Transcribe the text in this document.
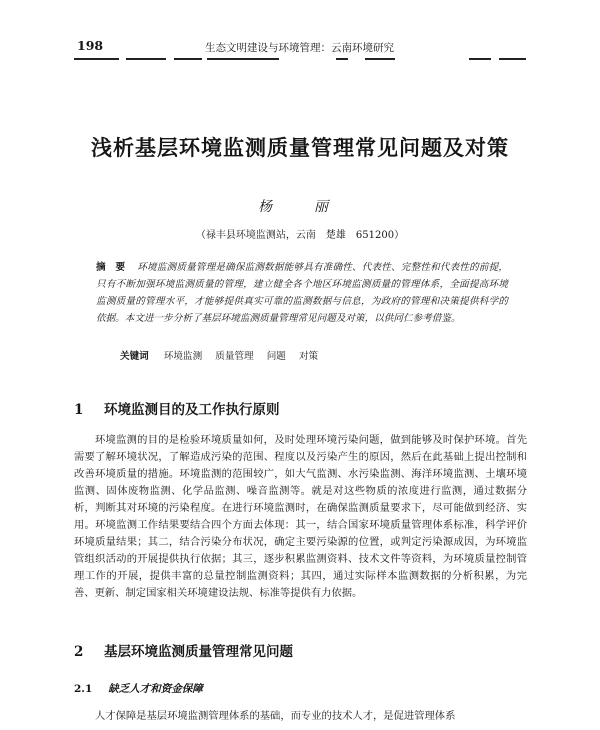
198	生态文明建设与环境管理：云南环境研究
浅析基层环境监测质量管理常见问题及对策
杨　丽
（禄丰县环境监测站，云南　楚雄　651200）
摘　要 环境监测质量管理是确保监测数据能够具有准确性、代表性、完整性和代表性的前提，只有不断加强环境监测质量的管理，建立健全各个地区环境监测质量的管理体系，全面提高环境监测质量的管理水平，才能够提供真实可靠的监测数据与信息，为政府的管理和决策提供科学的依据。本文进一步分析了基层环境监测质量管理常见问题及对策，以供同仁参考借鉴。
关键词 环境监测 质量管理 问题 对策
1 环境监测目的及工作执行原则

环境监测的目的是检验环境质量如何，及时处理环境污染问题，做到能够及时保护环境。首先需要了解环境状况，了解造成污染的范围、程度以及污染产生的原因，然后在此基础上提出控制和改善环境质量的措施。环境监测的范围较广，如大气监测、水污染监测、海洋环境监测、土壤环境监测、固体废物监测、化学品监测、噪音监测等。就是对这些物质的浓度进行监测，通过数据分析，判断其对环境的污染程度。在进行环境监测时，在确保监测质量要求下，尽可能做到经济、实用。环境监测工作结果要结合四个方面去体现：其一，结合国家环境质量管理体系标准，科学评价环境质量结果；其二，结合污染分布状况，确定主要污染源的位置，或判定污染源成因，为环境监管组织活动的开展提供执行依据；其三，逐步积累监测资料、技术文件等资料，为环境质量控制管理工作的开展，提供丰富的总量控制监测资料；其四，通过实际样本监测数据的分析积累，为完善、更新、制定国家相关环境建设法规、标准等提供有力依据。

2 基层环境监测质量管理常见问题
2.1 缺乏人才和资金保障

人才保障是基层环境监测管理体系的基础，而专业的技术人才，是促进管理体系
